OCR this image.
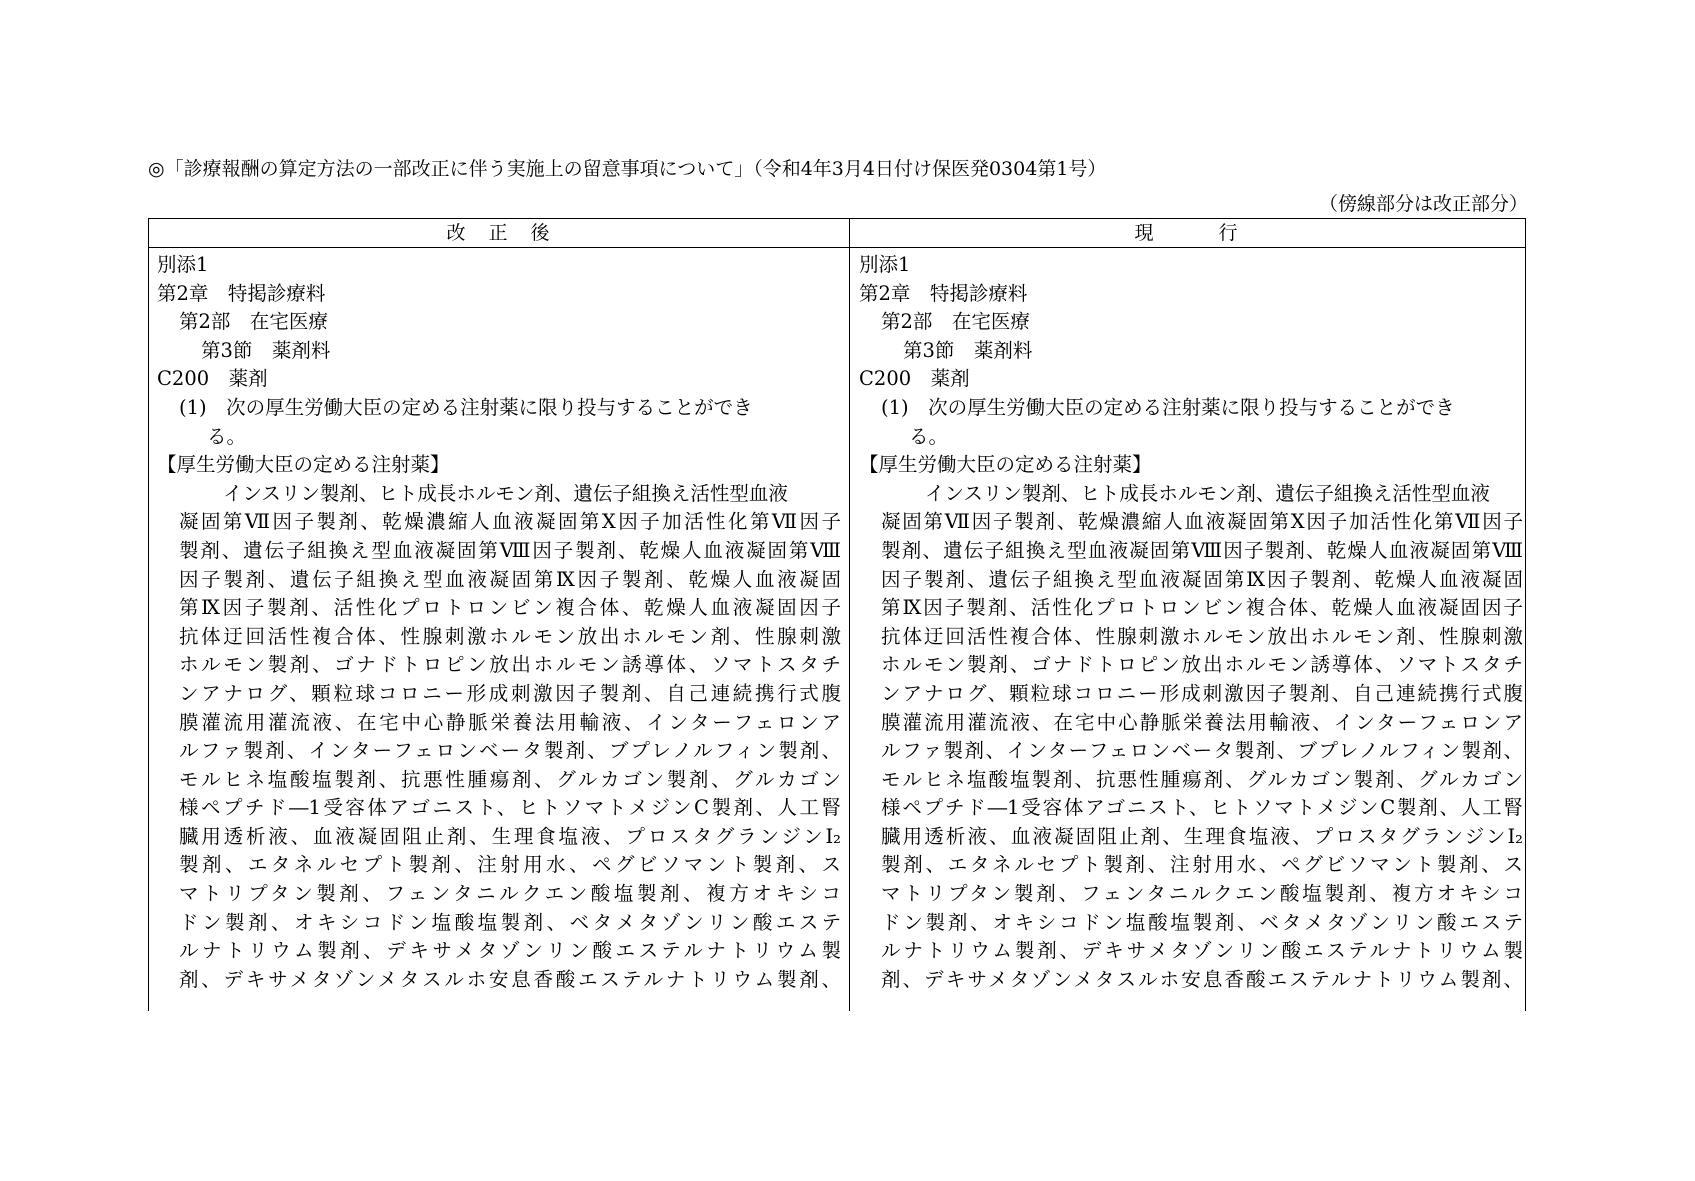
◎「診療報酬の算定方法の一部改正に伴う実施上の留意事項について」（令和4年3月4日付け保医発0304第1号）
（傍線部分は改正部分）
改　正　後	現　　　行
別添1
第2章　特掲診療料
第2部　在宅医療
第3節　薬剤料
C200　薬剤
(1)　次の厚生労働大臣の定める注射薬に限り投与することができ
る。
【厚生労働大臣の定める注射薬】
インスリン製剤、ヒト成長ホルモン剤、遺伝子組換え活性型血液
凝固第Ⅶ因子製剤、乾燥濃縮人血液凝固第Ⅹ因子加活性化第Ⅶ因子
製剤、遺伝子組換え型血液凝固第Ⅷ因子製剤、乾燥人血液凝固第Ⅷ
因子製剤、遺伝子組換え型血液凝固第Ⅸ因子製剤、乾燥人血液凝固
第Ⅸ因子製剤、活性化プロトロンビン複合体、乾燥人血液凝固因子
抗体迂回活性複合体、性腺刺激ホルモン放出ホルモン剤、性腺刺激
ホルモン製剤、ゴナドトロピン放出ホルモン誘導体、ソマトスタチ
ンアナログ、顆粒球コロニー形成刺激因子製剤、自己連続携行式腹
膜灌流用灌流液、在宅中心静脈栄養法用輸液、インターフェロンア
ルファ製剤、インターフェロンベータ製剤、ブプレノルフィン製剤、
モルヒネ塩酸塩製剤、抗悪性腫瘍剤、グルカゴン製剤、グルカゴン
様ペプチド―1受容体アゴニスト、ヒトソマトメジンC製剤、人工腎
臓用透析液、血液凝固阻止剤、生理食塩液、プロスタグランジンI₂
製剤、エタネルセプト製剤、注射用水、ペグビソマント製剤、ス
マトリプタン製剤、フェンタニルクエン酸塩製剤、複方オキシコ
ドン製剤、オキシコドン塩酸塩製剤、ベタメタゾンリン酸エステ
ルナトリウム製剤、デキサメタゾンリン酸エステルナトリウム製
剤、デキサメタゾンメタスルホ安息香酸エステルナトリウム製剤、
別添1
第2章　特掲診療料
第2部　在宅医療
第3節　薬剤料
C200　薬剤
(1)　次の厚生労働大臣の定める注射薬に限り投与することができ
る。
【厚生労働大臣の定める注射薬】
インスリン製剤、ヒト成長ホルモン剤、遺伝子組換え活性型血液
凝固第Ⅶ因子製剤、乾燥濃縮人血液凝固第Ⅹ因子加活性化第Ⅶ因子
製剤、遺伝子組換え型血液凝固第Ⅷ因子製剤、乾燥人血液凝固第Ⅷ
因子製剤、遺伝子組換え型血液凝固第Ⅸ因子製剤、乾燥人血液凝固
第Ⅸ因子製剤、活性化プロトロンビン複合体、乾燥人血液凝固因子
抗体迂回活性複合体、性腺刺激ホルモン放出ホルモン剤、性腺刺激
ホルモン製剤、ゴナドトロピン放出ホルモン誘導体、ソマトスタチ
ンアナログ、顆粒球コロニー形成刺激因子製剤、自己連続携行式腹
膜灌流用灌流液、在宅中心静脈栄養法用輸液、インターフェロンア
ルファ製剤、インターフェロンベータ製剤、ブプレノルフィン製剤、
モルヒネ塩酸塩製剤、抗悪性腫瘍剤、グルカゴン製剤、グルカゴン
様ペプチド―1受容体アゴニスト、ヒトソマトメジンC製剤、人工腎
臓用透析液、血液凝固阻止剤、生理食塩液、プロスタグランジンI₂
製剤、エタネルセプト製剤、注射用水、ペグビソマント製剤、ス
マトリプタン製剤、フェンタニルクエン酸塩製剤、複方オキシコ
ドン製剤、オキシコドン塩酸塩製剤、ベタメタゾンリン酸エステ
ルナトリウム製剤、デキサメタゾンリン酸エステルナトリウム製
剤、デキサメタゾンメタスルホ安息香酸エステルナトリウム製剤、
